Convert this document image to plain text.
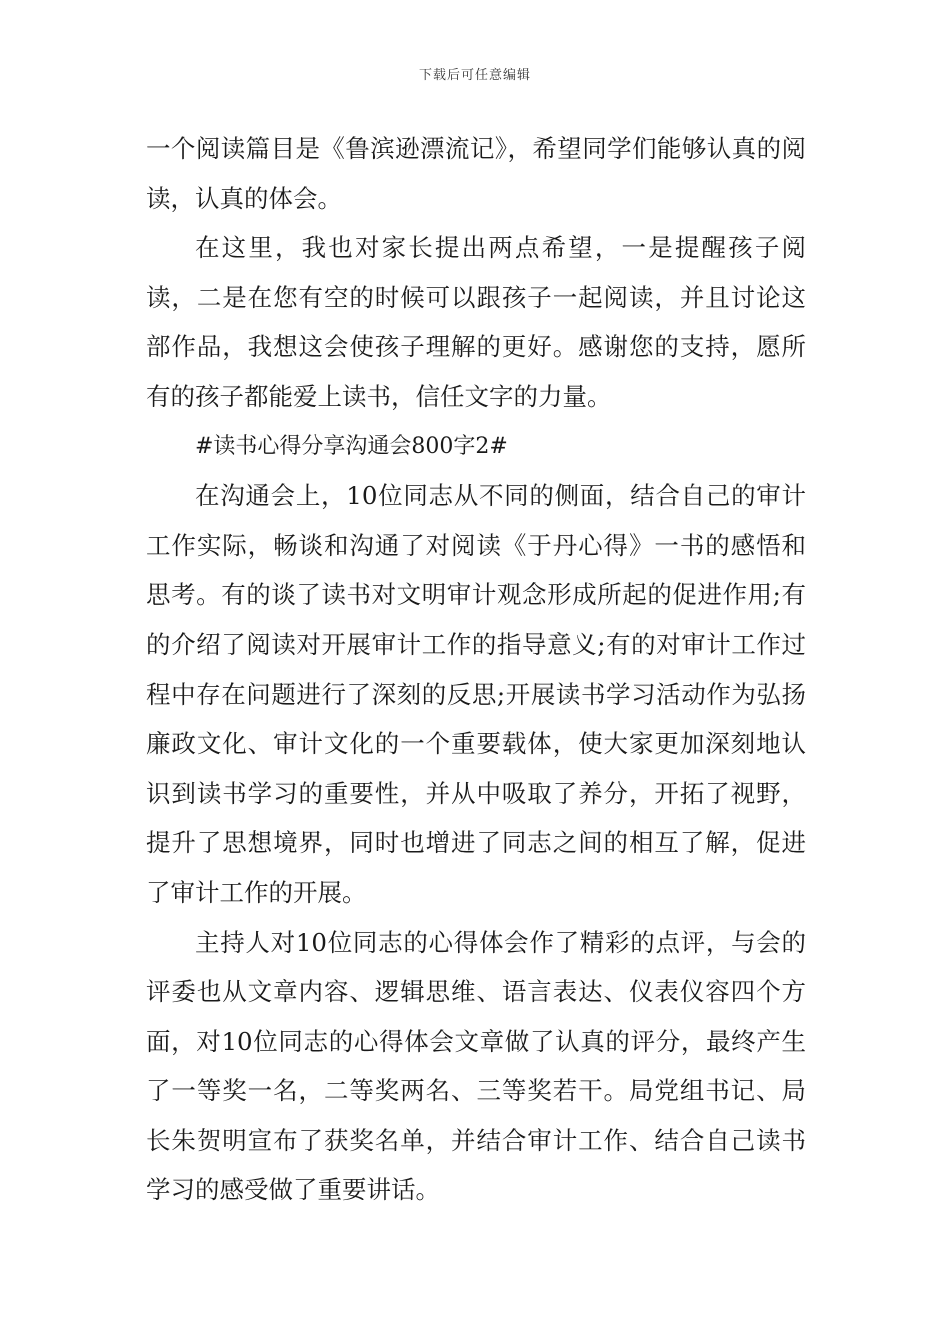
下载后可任意编辑

一个阅读篇目是《鲁滨逊漂流记》，希望同学们能够认真的阅读，认真的体会。

在这里，我也对家长提出两点希望，一是提醒孩子阅读，二是在您有空的时候可以跟孩子一起阅读，并且讨论这部作品，我想这会使孩子理解的更好。感谢您的支持，愿所有的孩子都能爱上读书，信任文字的力量。

#读书心得分享沟通会800字2#

在沟通会上，10位同志从不同的侧面，结合自己的审计工作实际，畅谈和沟通了对阅读《于丹心得》一书的感悟和思考。有的谈了读书对文明审计观念形成所起的促进作用;有的介绍了阅读对开展审计工作的指导意义;有的对审计工作过程中存在问题进行了深刻的反思;开展读书学习活动作为弘扬廉政文化、审计文化的一个重要载体，使大家更加深刻地认识到读书学习的重要性，并从中吸取了养分，开拓了视野，提升了思想境界，同时也增进了同志之间的相互了解，促进了审计工作的开展。

主持人对10位同志的心得体会作了精彩的点评，与会的评委也从文章内容、逻辑思维、语言表达、仪表仪容四个方面，对10位同志的心得体会文章做了认真的评分，最终产生了一等奖一名，二等奖两名、三等奖若干。局党组书记、局长朱贺明宣布了获奖名单，并结合审计工作、结合自己读书学习的感受做了重要讲话。
